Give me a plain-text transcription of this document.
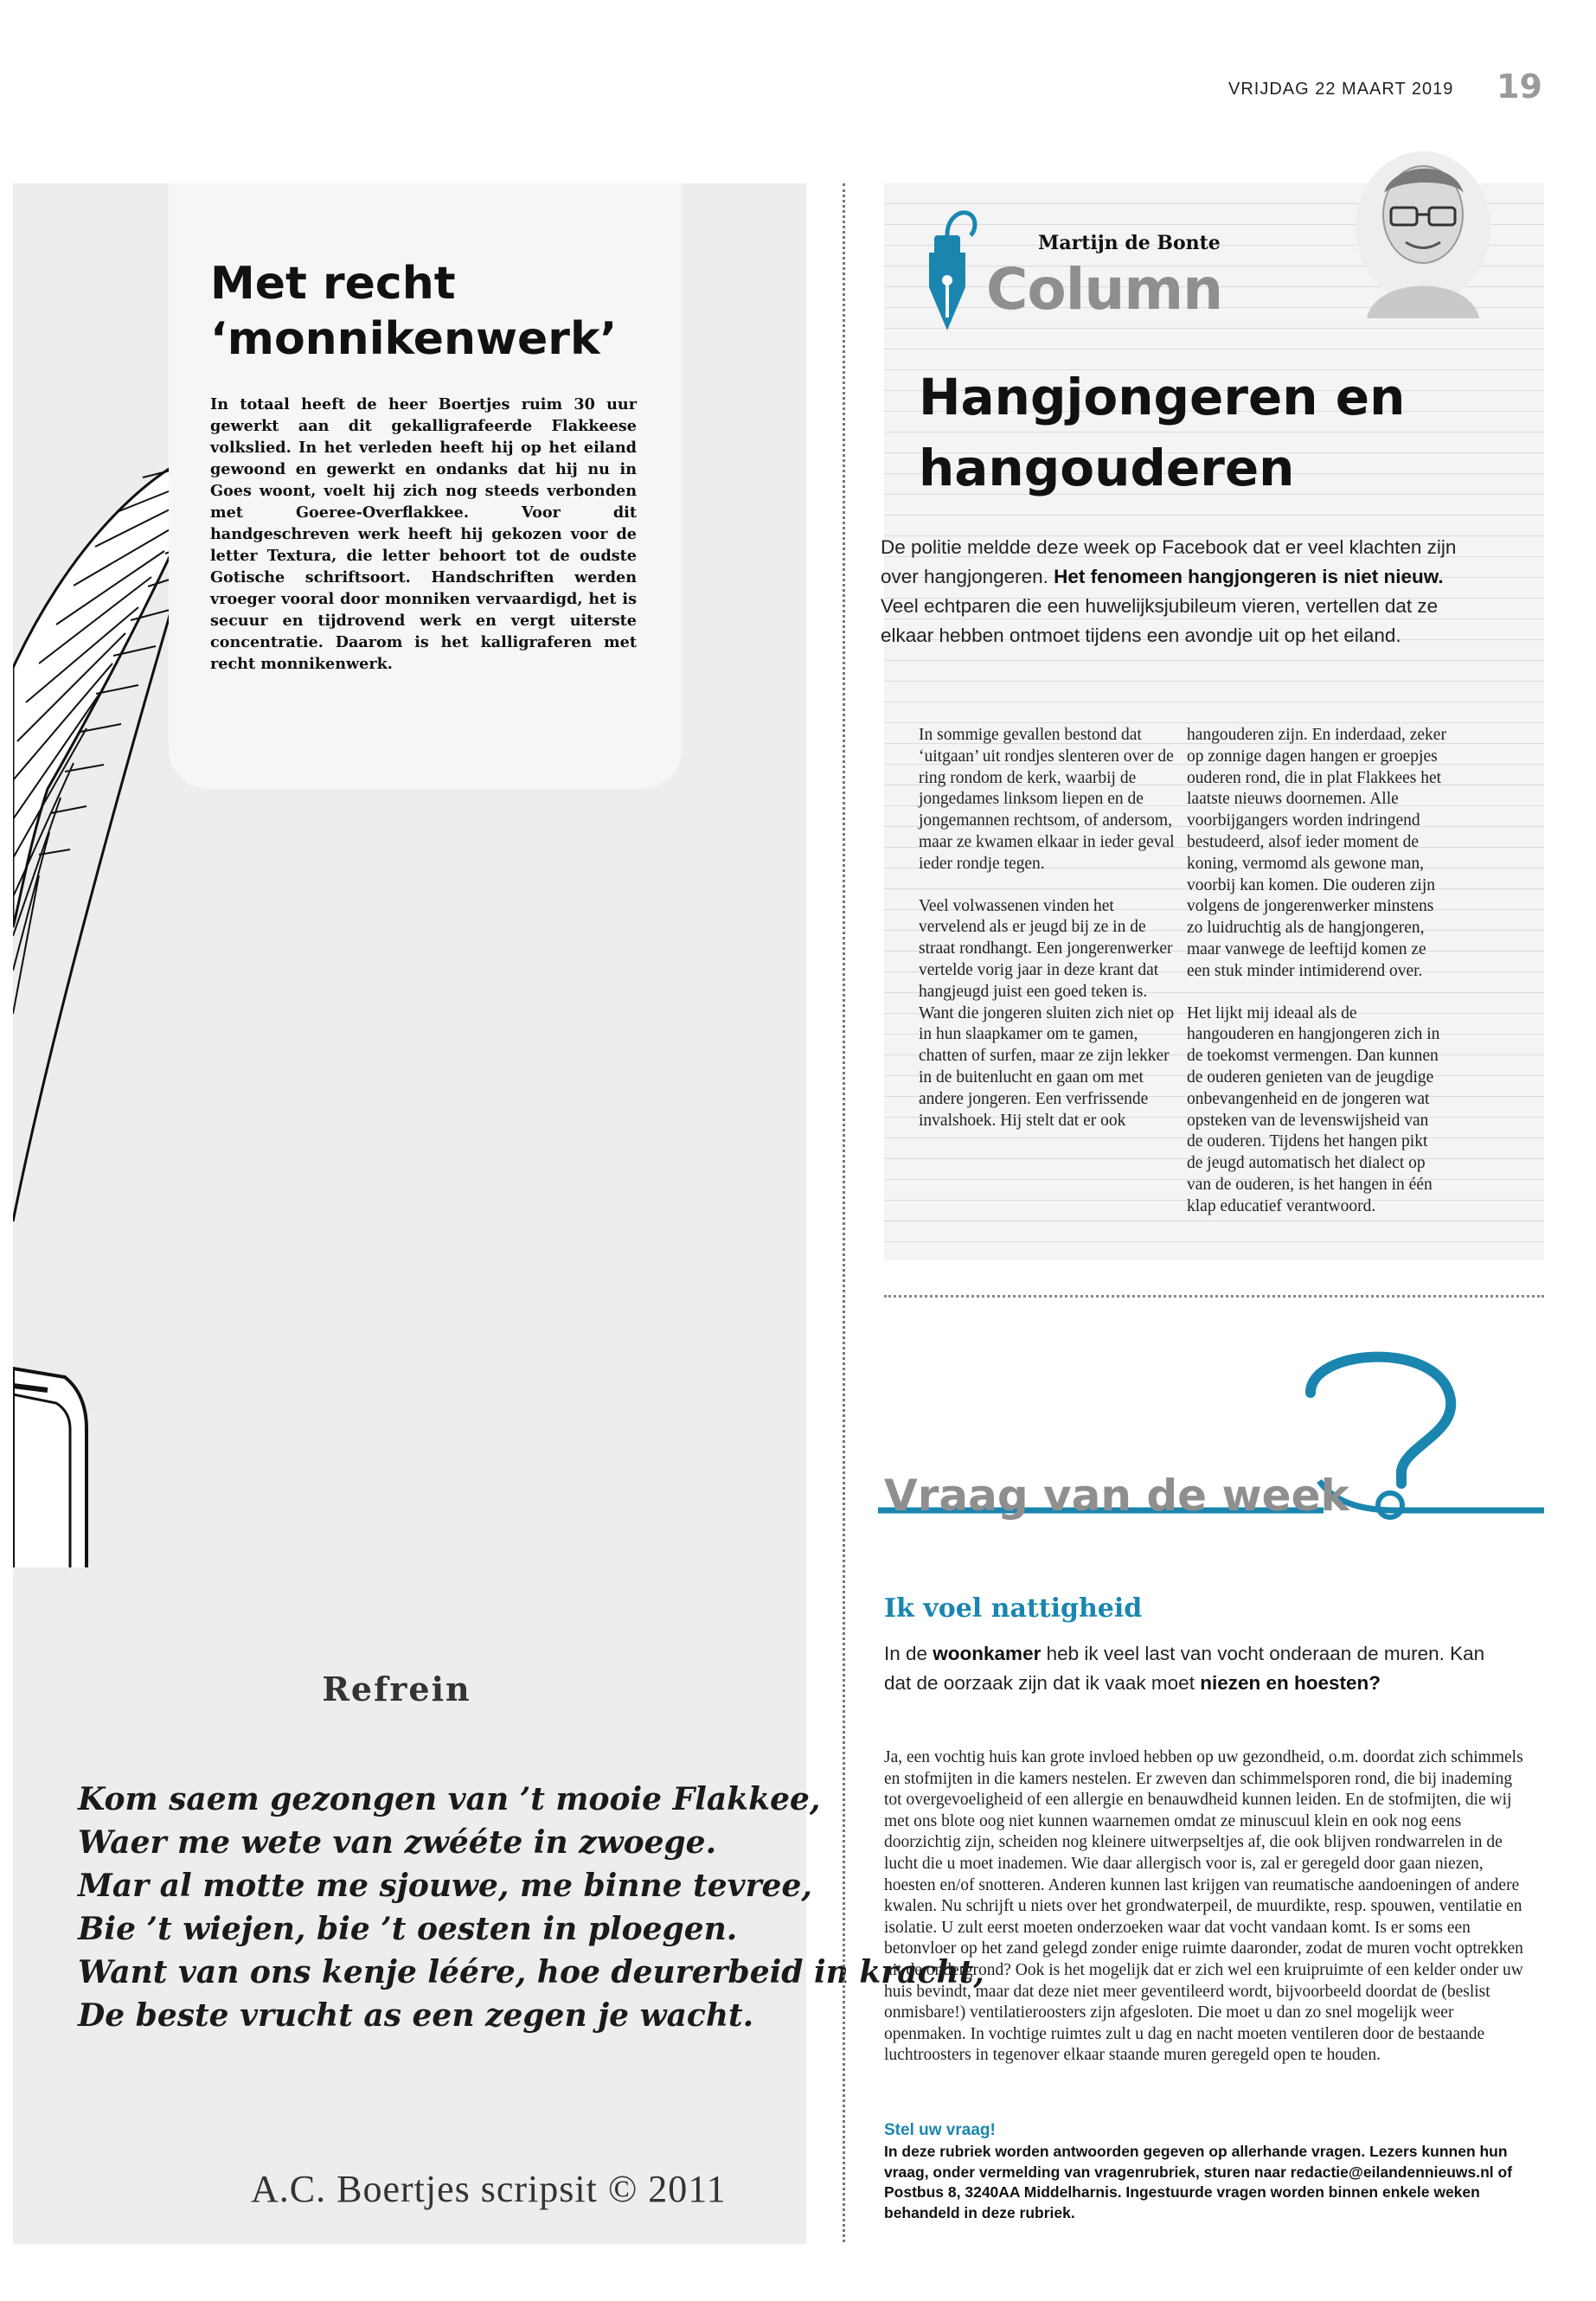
VRIJDAG 22 MAART 2019 19
Met recht ‘monnikenwerk’
In totaal heeft de heer Boertjes ruim 30 uur gewerkt aan dit gekalligrafeerde Flakkeese volkslied. In het verleden heeft hij op het eiland gewoond en gewerkt en ondanks dat hij nu in Goes woont, voelt hij zich nog steeds verbonden met Goeree-Overflakkee. Voor dit handgeschreven werk heeft hij gekozen voor de letter Textura, die letter behoort tot de oudste Gotische schriftsoort. Handschriften werden vroeger vooral door monniken vervaardigd, het is secuur en tijdrovend werk en vergt uiterste concentratie. Daarom is het kalligraferen met recht monnikenwerk.
Refrein
Kom saem gezongen van ’t mooie Flakkee,
Waer me wete van zwééte in zwoege.
Mar al motte me sjouwe, me binne tevree,
Bie ’t wiejen, bie ’t oesten in ploegen.
Want van ons kenje léére, hoe deurerbeid in kracht,
De beste vrucht as een zegen je wacht.
A.C. Boertjes scripsit © 2011
Martijn de Bonte
Column
Hangjongeren en hangouderen
De politie meldde deze week op Facebook dat er veel klachten zijn over hangjongeren. Het fenomeen hangjongeren is niet nieuw. Veel echtparen die een huwelijksjubileum vieren, vertellen dat ze elkaar hebben ontmoet tijdens een avondje uit op het eiland.

In sommige gevallen bestond dat ‘uitgaan’ uit rondjes slenteren over de ring rondom de kerk, waarbij de jongedames linksom liepen en de jongemannen rechtsom, of andersom, maar ze kwamen elkaar in ieder geval ieder rondje tegen.

Veel volwassenen vinden het vervelend als er jeugd bij ze in de straat rondhangt. Een jongerenwerker vertelde vorig jaar in deze krant dat hangjeugd juist een goed teken is. Want die jongeren sluiten zich niet op in hun slaapkamer om te gamen, chatten of surfen, maar ze zijn lekker in de buitenlucht en gaan om met andere jongeren. Een verfrissende invalshoek. Hij stelt dat er ook

hangouderen zijn. En inderdaad, zeker op zonnige dagen hangen er groepjes ouderen rond, die in plat Flakkees het laatste nieuws doornemen. Alle voorbijgangers worden indringend bestudeerd, alsof ieder moment de koning, vermomd als gewone man, voorbij kan komen. Die ouderen zijn volgens de jongerenwerker minstens zo luidruchtig als de hangjongeren, maar vanwege de leeftijd komen ze een stuk minder intimiderend over.

Het lijkt mij ideaal als de hangouderen en hangjongeren zich in de toekomst vermengen. Dan kunnen de ouderen genieten van de jeugdige onbevangenheid en de jongeren wat opsteken van de levenswijsheid van de ouderen. Tijdens het hangen pikt de jeugd automatisch het dialect op van de ouderen, is het hangen in één klap educatief verantwoord.

Vraag van de week
Ik voel nattigheid
In de woonkamer heb ik veel last van vocht onderaan de muren. Kan dat de oorzaak zijn dat ik vaak moet niezen en hoesten?
Ja, een vochtig huis kan grote invloed hebben op uw gezondheid, o.m. doordat zich schimmels en stofmijten in die kamers nestelen. Er zweven dan schimmelsporen rond, die bij inademing tot overgevoeligheid of een allergie en benauwdheid kunnen leiden. En de stofmijten, die wij met ons blote oog niet kunnen waarnemen omdat ze minuscuul klein en ook nog eens doorzichtig zijn, scheiden nog kleinere uitwerpseltjes af, die ook blijven rondwarrelen in de lucht die u moet inademen. Wie daar allergisch voor is, zal er geregeld door gaan niezen, hoesten en/of snotteren. Anderen kunnen last krijgen van reumatische aandoeningen of andere kwalen. Nu schrijft u niets over het grondwaterpeil, de muurdikte, resp. spouwen, ventilatie en isolatie. U zult eerst moeten onderzoeken waar dat vocht vandaan komt. Is er soms een betonvloer op het zand gelegd zonder enige ruimte daaronder, zodat de muren vocht optrekken uit de ondergrond? Ook is het mogelijk dat er zich wel een kruipruimte of een kelder onder uw huis bevindt, maar dat deze niet meer geventileerd wordt, bijvoorbeeld doordat de (beslist onmisbare!) ventilatieroosters zijn afgesloten. Die moet u dan zo snel mogelijk weer openmaken. In vochtige ruimtes zult u dag en nacht moeten ventileren door de bestaande luchtroosters in tegenover elkaar staande muren geregeld open te houden.
Stel uw vraag!
In deze rubriek worden antwoorden gegeven op allerhande vragen. Lezers kunnen hun vraag, onder vermelding van vragenrubriek, sturen naar redactie@eilandennieuws.nl of Postbus 8, 3240AA Middelharnis. Ingestuurde vragen worden binnen enkele weken behandeld in deze rubriek.
